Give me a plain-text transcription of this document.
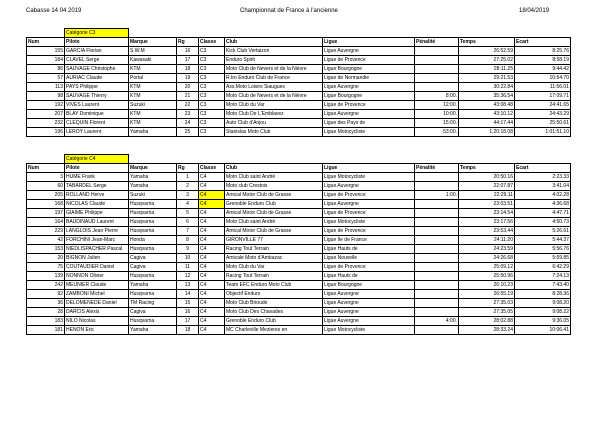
Cabasse 14 04 2019	Championnat de France à l'ancienne	18/04/2019
	Catégorie C3								
Num	Pilote	Marque	Rg	Classe	Club	Ligue	Pénalité	Temps	Ecart
155	GARCIA Florian	S.W.M	16	C3	Kick Club Vertaizon	Ligue Auvergne		26:52.59	8:25.76
184	CLAVEL Serge	Kawasaki	17	C3	Enduro Spirit	Ligue de Provence		27:25.02	8:58.19
86	SAUVAGE Christophe	KTM	18	C3	Moto Club de Nevers et de la Nièvre	Ligue Bourgogne		28:11.25	9:44.42
57	AURIAC Claude	Portal	19	C3	R.tro Enduro Club de France	Ligue de Normandie		29:21.53	10:54.70
113	PAYS Philippe	KTM	20	C3	Ass.Moto Loisirs Siaugues	Ligue Auvergne		30:22.84	11:56.01
98	SAUVAGE Thierry	KTM	21	C3	Moto Club de Nevers et de la Nièvre	Ligue Bourgogne	8:00.	35:36.54	17:09.71
192	VIVES Laurent	Suzuki	22	C3	Moto Club du Var	Ligue de Provence	12:00.	43:08.48	24:41.65
207	BLAY Dominique	KTM	23	C3	Moto Club De L'Emblavez	Ligue Auvergne	10:00.	43:10.12	24:43.29
232	CLEQUIN Florent	KTM	24	C3	Auto Club d'Anjou	Ligue des Pays de	15:00.	44:17.44	25:50.61
196	LEROY Laurent	Yamaha	25	C3	Stanislas Moto Club	Ligue Motocycliste	53:00.	1:20:18.08	1:01:51.10
	Catégorie C4								
Num	Pilote	Marque	Rg	Classe	Club	Ligue	Pénalité	Temps	Ecart
3	HUME Frank	Yamaha	1	C4	Moto Club saint André	Ligue Motocycliste		20:50.16	2:23.33
60	TABARDEL Serge	Yamaha	2	C4	Moto club Crestois	Ligue Auvergne		22:07.87	3:41.04
205	ROLLAND Herve	Suzuki	3	C4	Amical Motor Club de Grasse	Ligue de Provence	1:00.	22:29.11	4:02.28
168	NICOLAS Claude	Husqvarna	4	C4	Grenoble Enduro Club	Ligue Auvergne		23:03.51	4:36.68
197	GIAIME Philippe	Husqvarna	5	C4	Amical Motor Club de Grasse	Ligue de Provence		23:14.54	4:47.71
164	BAUDINAUD Laurent	Husqvarna	6	C4	Moto Club saint André	Ligue Motocycliste		23:17.56	4:50.73
229	LANGLOIS Jean Pierre	Husqvarna	7	C4	Amical Motor Club de Grasse	Ligue de Provence		23:53.44	5:26.61
42	FORCHINI Jean-Marc	Honda	8	C4	GIRONVILLE 77	Ligue Ile de France		24:11.20	5:44.37
153	NIEDLISPACHER Pascal	Husqvarna	9	C4	Racing Tout Terrain	Ligue Hauts de		24:23.59	5:56.76
20	BIGNON Julien	Cagiva	10	C4	Amicale Moto d'Ambazac	Ligue Nouvelle		24:26.68	5:59.85
75	COUTAUDIER Daniel	Cagiva	11	C4	Moto Club du Var	Ligue de Provence		25:09.12	6:42.29
139	NONNON Olivier	Husqvarna	12	C4	Racing Tout Terrain	Ligue Hauts de		25:50.96	7:24.13
242	MEUNIER Claude	Yamaha	13	C4	Team EFC Enduro Moto Club	Ligue Bourgogne		26:10.23	7:43.40
92	ZAMBONI Michel	Husqvarna	14	C4	Objectif Enduro	Ligue Auvergne		26:55.19	8:28.36
36	DELOMENEDE Daniel	TM Racing	15	C4	Moto Club Brioude	Ligue Auvergne		27:35.03	9:08.20
28	DARCIS Alexis	Cagiva	16	C4	Moto Club Des Chavades	Ligue Auvergne		27:35.05	9:08.22
183	NILO Nicolas	Husqvarna	17	C4	Grenoble Enduro Club	Ligue Auvergne	4:00.	28:02.88	9:36.05
181	HENON Eric	Yamaha	18	C4	MC Charleville Mezieres en	Ligue Motocycliste		28:33.24	10:06.41
